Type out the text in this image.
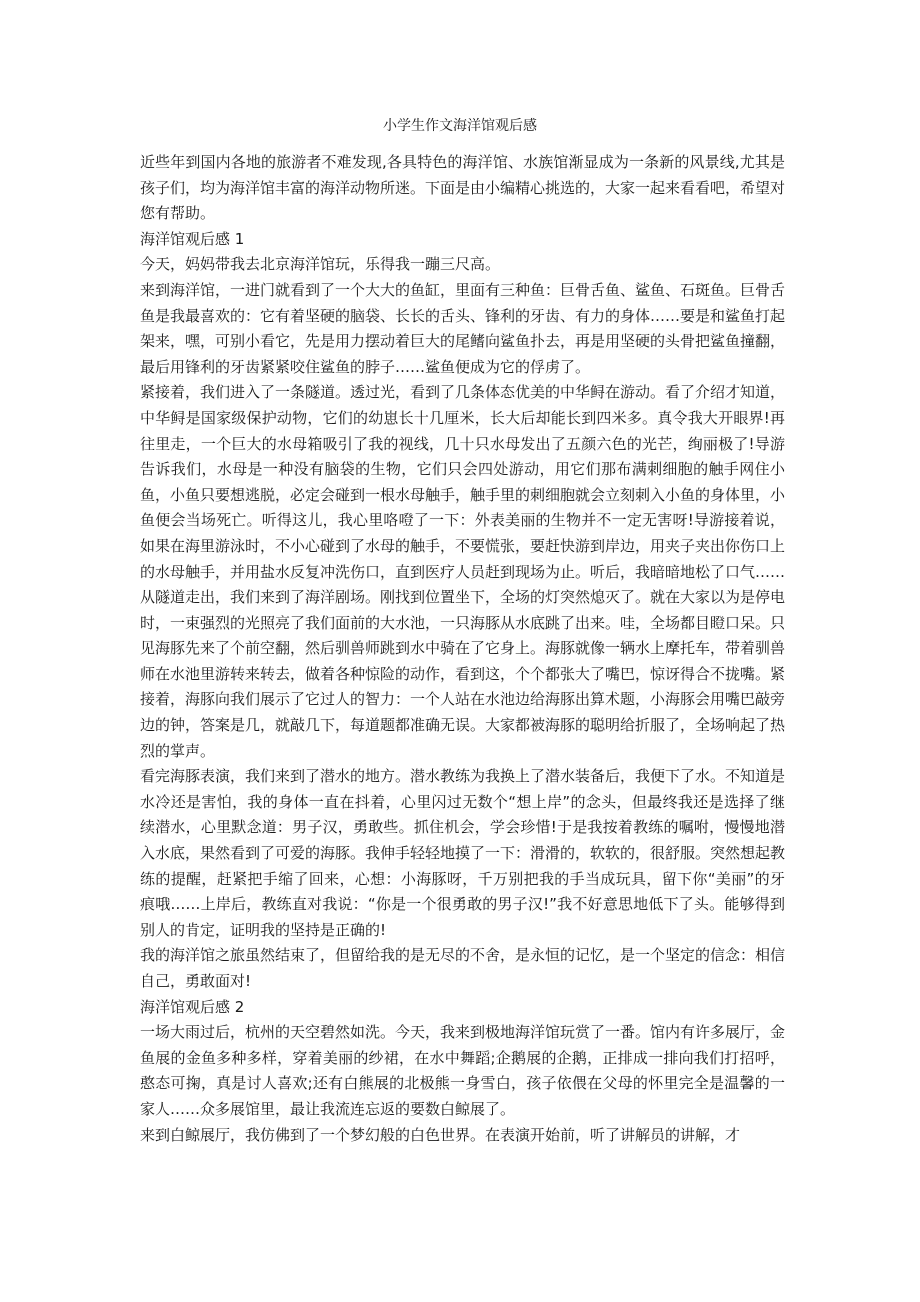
小学生作文海洋馆观后感

近些年到国内各地的旅游者不难发现,各具特色的海洋馆、水族馆渐显成为一条新的风景线,尤其是孩子们，均为海洋馆丰富的海洋动物所迷。下面是由小编精心挑选的，大家一起来看看吧，希望对您有帮助。

海洋馆观后感 1

今天，妈妈带我去北京海洋馆玩，乐得我一蹦三尺高。

来到海洋馆，一进门就看到了一个大大的鱼缸，里面有三种鱼：巨骨舌鱼、鲨鱼、石斑鱼。巨骨舌鱼是我最喜欢的：它有着坚硬的脑袋、长长的舌头、锋利的牙齿、有力的身体……要是和鲨鱼打起架来，嘿，可别小看它，先是用力摆动着巨大的尾鳍向鲨鱼扑去，再是用坚硬的头骨把鲨鱼撞翻，最后用锋利的牙齿紧紧咬住鲨鱼的脖子……鲨鱼便成为它的俘虏了。

紧接着，我们进入了一条隧道。透过光，看到了几条体态优美的中华鲟在游动。看了介绍才知道，中华鲟是国家级保护动物，它们的幼崽长十几厘米，长大后却能长到四米多。真令我大开眼界!再往里走，一个巨大的水母箱吸引了我的视线，几十只水母发出了五颜六色的光芒，绚丽极了!导游告诉我们，水母是一种没有脑袋的生物，它们只会四处游动，用它们那布满刺细胞的触手网住小鱼，小鱼只要想逃脱，必定会碰到一根水母触手，触手里的刺细胞就会立刻刺入小鱼的身体里，小鱼便会当场死亡。听得这儿，我心里咯噔了一下：外表美丽的生物并不一定无害呀!导游接着说，如果在海里游泳时，不小心碰到了水母的触手，不要慌张，要赶快游到岸边，用夹子夹出你伤口上的水母触手，并用盐水反复冲洗伤口，直到医疗人员赶到现场为止。听后，我暗暗地松了口气……

从隧道走出，我们来到了海洋剧场。刚找到位置坐下，全场的灯突然熄灭了。就在大家以为是停电时，一束强烈的光照亮了我们面前的大水池，一只海豚从水底跳了出来。哇，全场都目瞪口呆。只见海豚先来了个前空翻，然后驯兽师跳到水中骑在了它身上。海豚就像一辆水上摩托车，带着驯兽师在水池里游转来转去，做着各种惊险的动作，看到这，个个都张大了嘴巴，惊讶得合不拢嘴。紧接着，海豚向我们展示了它过人的智力：一个人站在水池边给海豚出算术题，小海豚会用嘴巴敲旁边的钟，答案是几，就敲几下，每道题都准确无误。大家都被海豚的聪明给折服了，全场响起了热烈的掌声。

看完海豚表演，我们来到了潜水的地方。潜水教练为我换上了潜水装备后，我便下了水。不知道是水冷还是害怕，我的身体一直在抖着，心里闪过无数个“想上岸”的念头，但最终我还是选择了继续潜水，心里默念道：男子汉，勇敢些。抓住机会，学会珍惜!于是我按着教练的嘱咐，慢慢地潜入水底，果然看到了可爱的海豚。我伸手轻轻地摸了一下：滑滑的，软软的，很舒服。突然想起教练的提醒，赶紧把手缩了回来，心想：小海豚呀，千万别把我的手当成玩具，留下你“美丽”的牙痕哦……上岸后，教练直对我说：“你是一个很勇敢的男子汉!”我不好意思地低下了头。能够得到别人的肯定，证明我的坚持是正确的!

我的海洋馆之旅虽然结束了，但留给我的是无尽的不舍，是永恒的记忆，是一个坚定的信念：相信自己，勇敢面对!

海洋馆观后感 2

一场大雨过后，杭州的天空碧然如洗。今天，我来到极地海洋馆玩赏了一番。馆内有许多展厅，金鱼展的金鱼多种多样，穿着美丽的纱裙，在水中舞蹈;企鹅展的企鹅，正排成一排向我们打招呼，憨态可掬，真是讨人喜欢;还有白熊展的北极熊一身雪白，孩子依偎在父母的怀里完全是温馨的一家人……众多展馆里，最让我流连忘返的要数白鲸展了。

来到白鲸展厅，我仿佛到了一个梦幻般的白色世界。在表演开始前，听了讲解员的讲解，才
